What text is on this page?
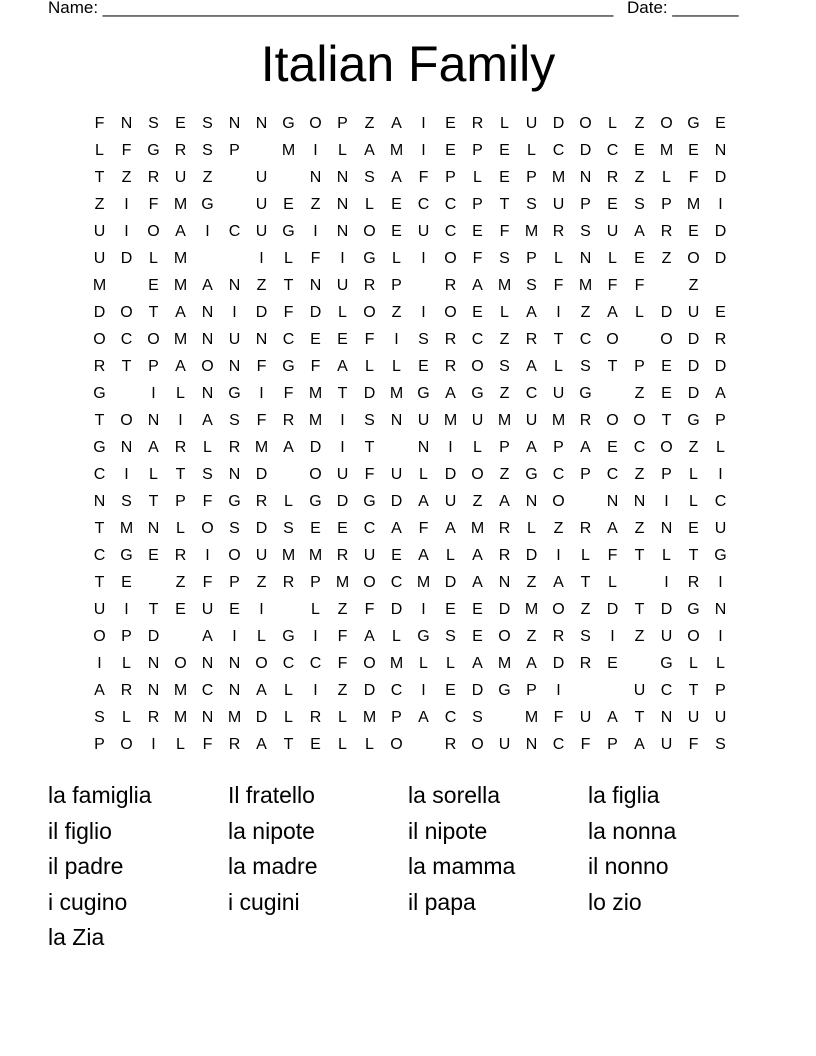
Name: ______________________________________________________ Date: _______
Italian Family
F	N S	E	S N N G O P	Z	A	I	E R	L	U D O	L	Z O G E
L	F G R S	P	M	I	L	A M	I	E	P	E	L	C D C E M E N
T	Z	R U	Z	U	N N S	A	F	P	L	E	P M N R	Z	L	F	D
Z	I	F M G	U E	Z	N	L	E C C P	T	S U P	E	S	P M	I
U	I	O A	I	C U G	I	N O E U C E	F M R S U A R E D
U D	L M	I	L	F	I	G	L	I	O F	S	P	L	N	L	E	Z O D
M	E M A N	Z	T	N U R P	R A M S	F M F	F	Z
D O T	A N	I	D	F	D	L	O Z	I	O E	L	A	I	Z	A	L	D U E
O C O M N U N C E	E	F	I	S R C	Z	R	T	C O	O D R
R	T	P	A O N	F G F	A	L	L	E R O S	A	L	S	T	P	E D D
G	I	L	N G	I	F M T	D M G A G Z	C U G	Z	E D A
T O N	I	A	S	F	R M	I	S N U M U M U M R O O T G P
G N A R	L	R M A D	I	T	N	I	L	P	A	P	A	E C O Z	L
C	I	L	T	S N D	O U	F	U	L	D O Z G C P C	Z	P	L	I
N S	T	P	F G R	L	G D G D A U	Z	A N O	N N	I	L	C
T M N	L	O S D S	E	E C A	F	A M R	L	Z	R A	Z	N E U
C G E R	I	O U M M R U E	A	L	A R D	I	L	F	T	L	T G
T	E	Z	F	P	Z	R P M O C M D A N	Z	A	T	L	I	R	I
U	I	T	E U E	I	L	Z	F	D	I	E	E D M O Z	D	T	D G N
O P D	A	I	L	G	I	F	A	L	G S	E O Z	R S	I	Z	U O	I
I	L	N O N N O C C	F O M L	L	A M A D R E	G	L	L
A R N M C N A	L	I	Z	D C	I	E D G P	I	U C	T	P
S	L	R M N M D	L	R	L M P	A C S	M F	U A	T	N U U
P O	I	L	F	R A	T	E	L	L	O	R O U N C	F	P	A U	F	S
la famiglia	Il fratello	la sorella	la figlia
il figlio	la nipote	il nipote	la nonna
il padre	la madre	la mamma	il nonno
i cugino	i cugini	il papa	lo zio
la Zia
